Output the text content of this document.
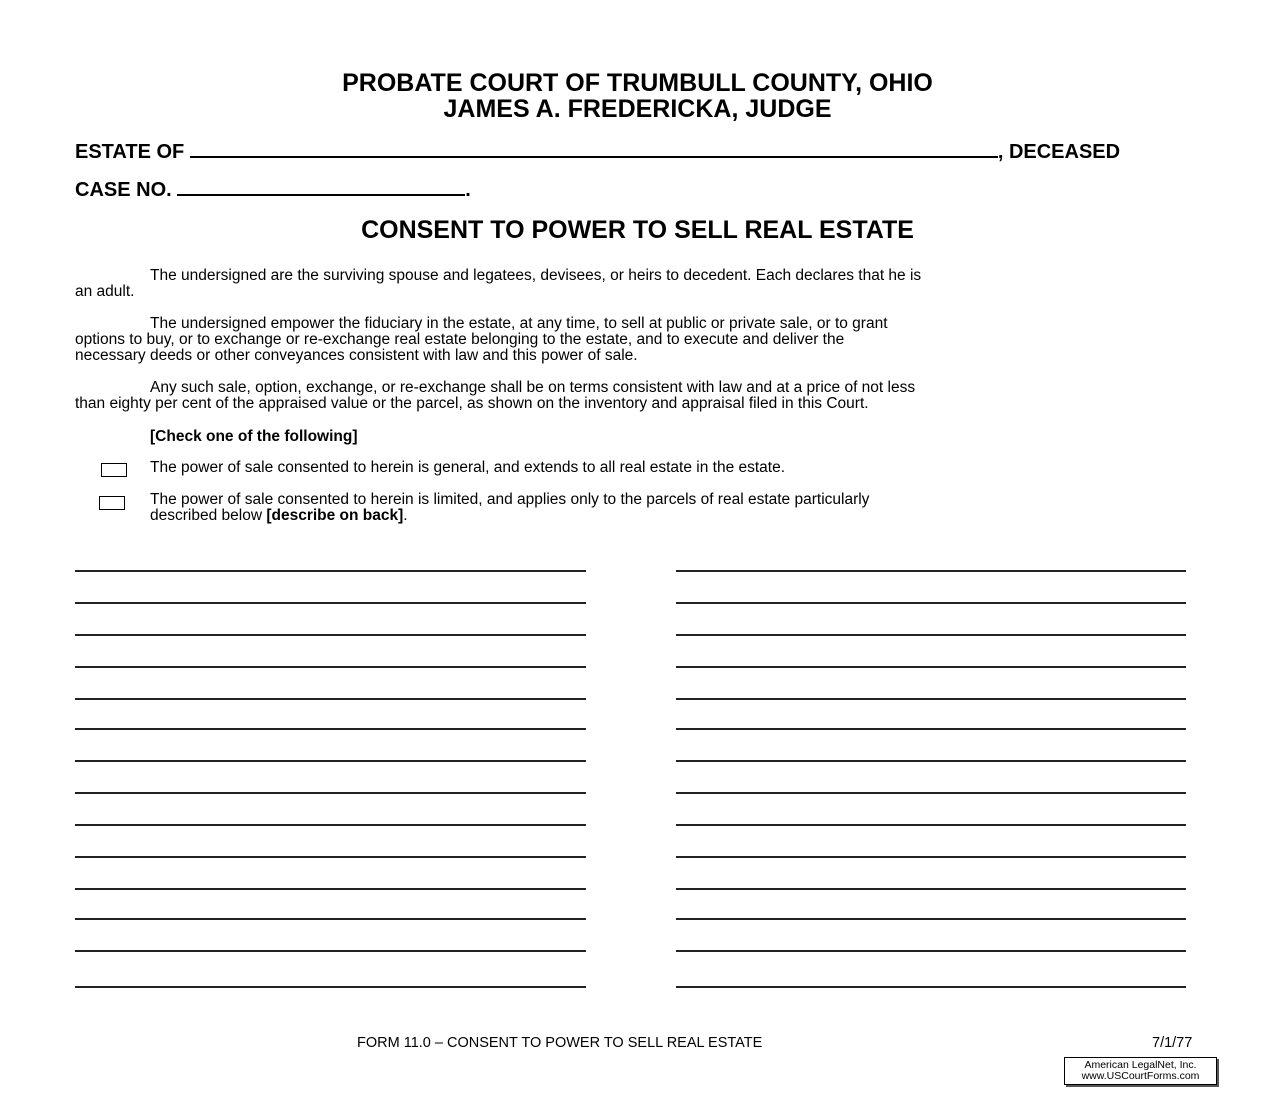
PROBATE COURT OF TRUMBULL COUNTY, OHIO
JAMES A. FREDERICKA, JUDGE
ESTATE OF	, DECEASED
CASE NO.	.
CONSENT TO POWER TO SELL REAL ESTATE
The undersigned are the surviving spouse and legatees, devisees, or heirs to decedent. Each declares that he is
an adult.
The undersigned empower the fiduciary in the estate, at any time, to sell at public or private sale, or to grant
options to buy, or to exchange or re-exchange real estate belonging to the estate, and to execute and deliver the
necessary deeds or other conveyances consistent with law and this power of sale.
Any such sale, option, exchange, or re-exchange shall be on terms consistent with law and at a price of not less
than eighty per cent of the appraised value or the parcel, as shown on the inventory and appraisal filed in this Court.
[Check one of the following]
The power of sale consented to herein is general, and extends to all real estate in the estate.
The power of sale consented to herein is limited, and applies only to the parcels of real estate particularly
described below [describe on back].
FORM 11.0 – CONSENT TO POWER TO SELL REAL ESTATE	7/1/77
American LegalNet, Inc.
www.USCourtForms.com
